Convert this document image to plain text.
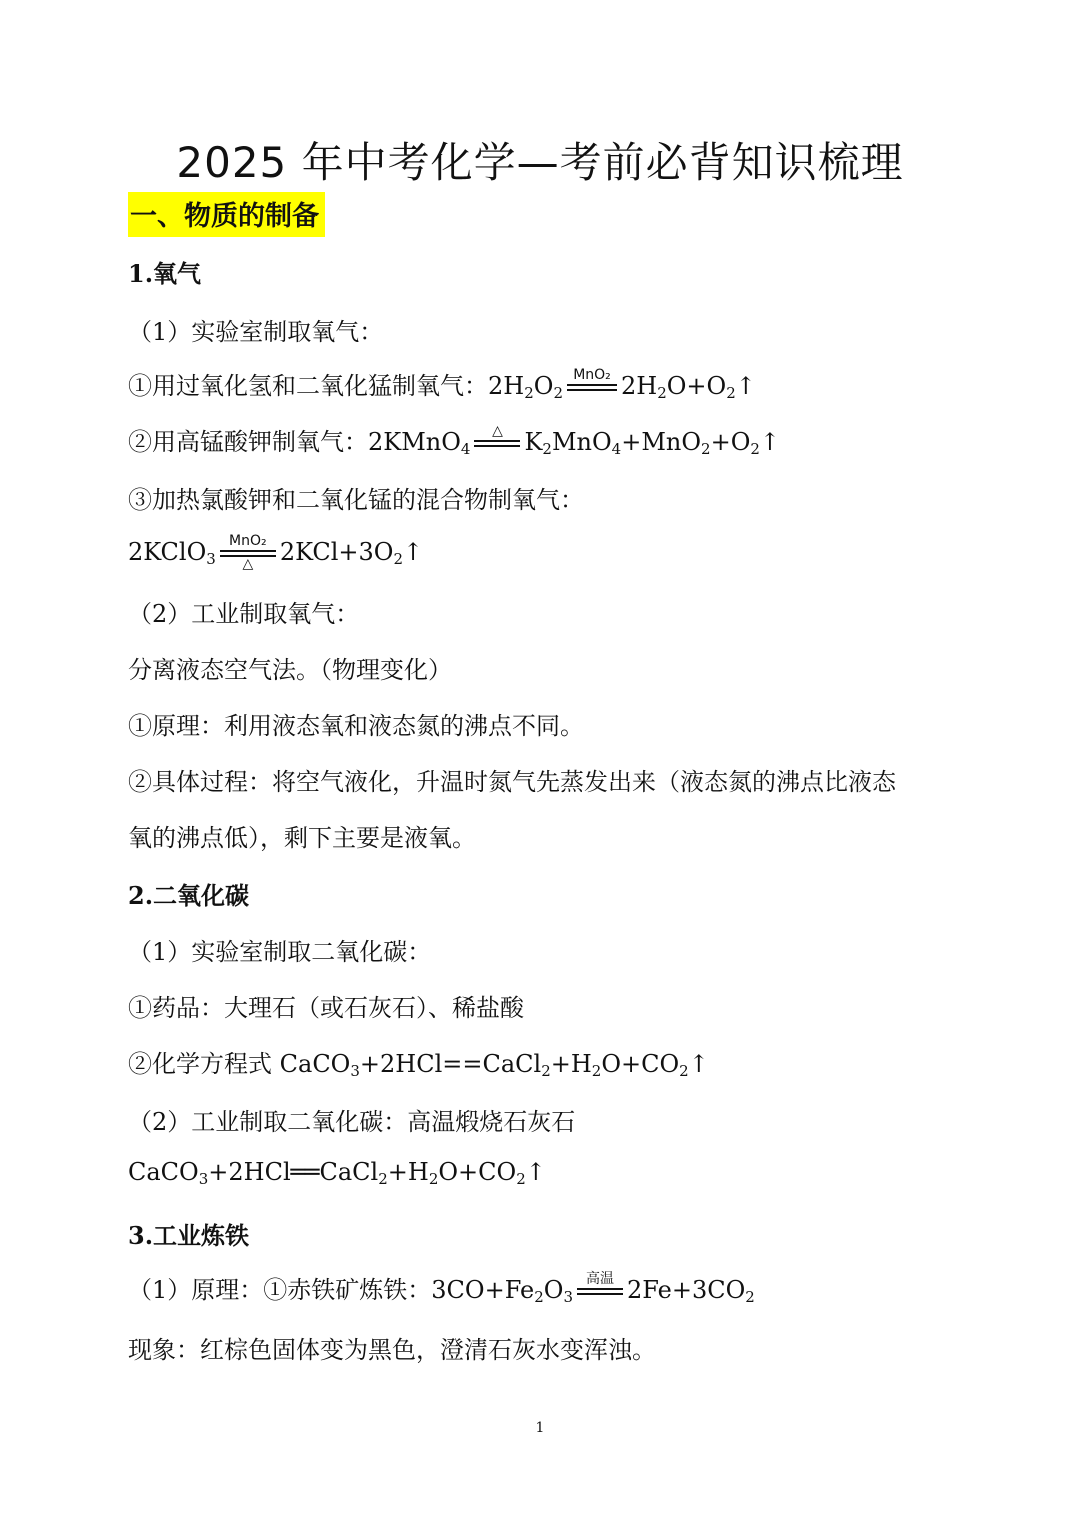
2025 年中考化学—考前必背知识梳理
一、物质的制备
1.氧气
（1）实验室制取氧气：
①用过氧化氢和二氧化猛制氧气：$2H_2O_2$
MnO₂ $2H_2O+O_2↑$
②用高锰酸钾制氧气：2KMnO$_4$
△ $K_2MnO_4+MnO_2+O_2↑$
③加热氯酸钾和二氧化锰的混合物制氧气：
2KClO$_3$
MnO₂
△	$2KCl+3O_2↑$
（2）工业制取氧气：
分离液态空气法。（物理变化）
①原理：利用液态氧和液态氮的沸点不同。
②具体过程：将空气液化，升温时氮气先蒸发出来（液态氮的沸点比液态
氧的沸点低），剩下主要是液氧。
2.二氧化碳
（1）实验室制取二氧化碳：
①药品：大理石（或石灰石）、稀盐酸
②化学方程式 $CaCO_3+2HCl==CaCl_2+H_2O+CO_2↑$
（2）工业制取二氧化碳：高温煅烧石灰石
$CaCO_3+2HCl══CaCl_2+H_2O+CO_2↑$
3.工业炼铁
（1）原理：①赤铁矿炼铁：$3CO+Fe_2O_3$
高温 $2Fe+3CO_2$
现象：红棕色固体变为黑色，澄清石灰水变浑浊。
1
